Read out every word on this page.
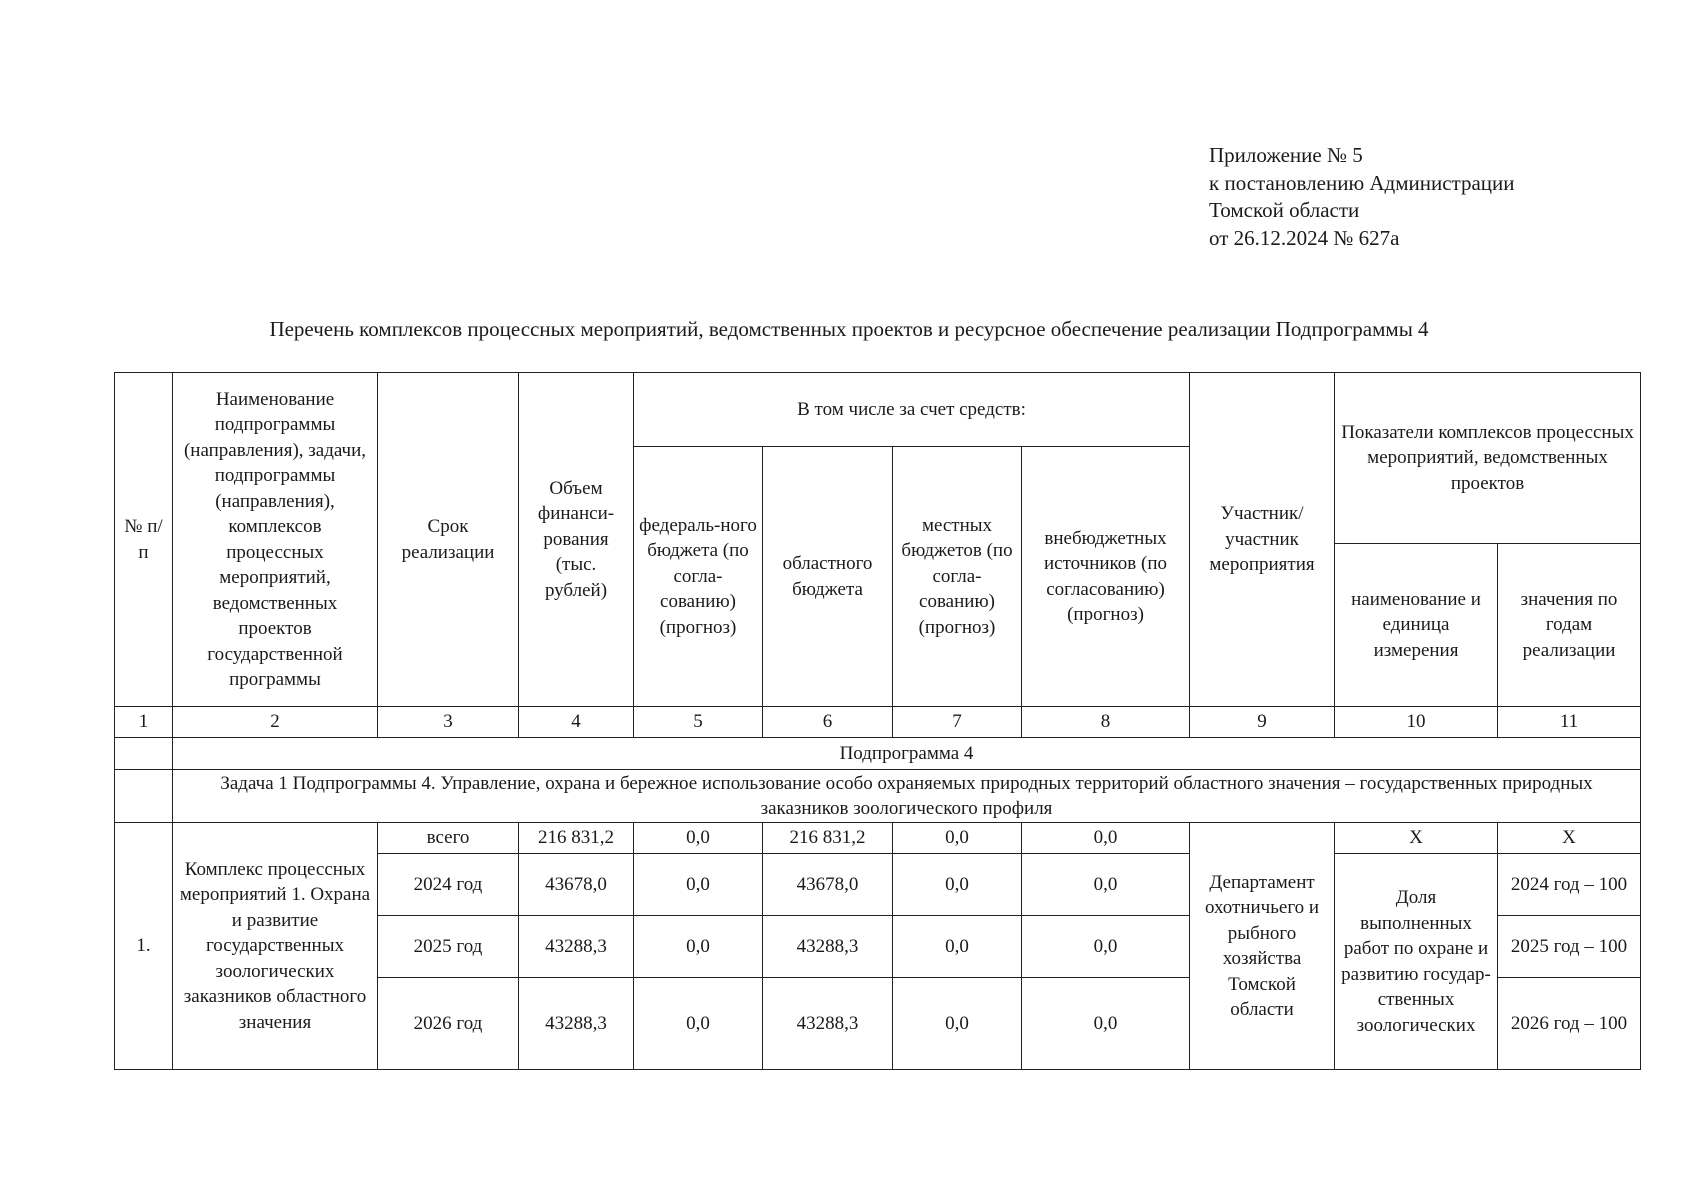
Приложение № 5
к постановлению Администрации
Томской области
от 26.12.2024 № 627а
Перечень комплексов процессных мероприятий, ведомственных проектов и ресурсное обеспечение реализации Подпрограммы 4
№ п/п	Наименование подпрограммы (направления), задачи, подпрограммы (направления), комплексов процессных мероприятий, ведомственных проектов государственной программы	Срок реализации	Объем финанси-рования (тыс. рублей)	В том числе за счет средств:				Участник/ участник мероприятия	Показатели комплексов процессных мероприятий, ведомственных проектов	
				федераль-ного бюджета (по согла-сованию) (прогноз)	областного бюджета	местных бюджетов (по согла-сованию) (прогноз)	внебюджетных источников (по согласованию) (прогноз)			
									наименование и единица измерения	значения по годам реализации
1	2	3	4	5	6	7	8	9	10	11
	Подпрограмма 4									
	Задача 1 Подпрограммы 4. Управление, охрана и бережное использование особо охраняемых природных территорий областного значения – государственных природных заказников зоологического профиля									
1.	Комплекс процессных мероприятий 1. Охрана и развитие государственных зоологических заказников областного значения	всего	216 831,2	0,0	216 831,2	0,0	0,0	Департамент охотничьего и рыбного хозяйства Томской области	Х	Х
		2024 год	43678,0	0,0	43678,0	0,0	0,0		Доля выполненных работ по охране и развитию государ-ственных зоологических	2024 год – 100
		2025 год	43288,3	0,0	43288,3	0,0	0,0			2025 год – 100
		2026 год	43288,3	0,0	43288,3	0,0	0,0			2026 год – 100
